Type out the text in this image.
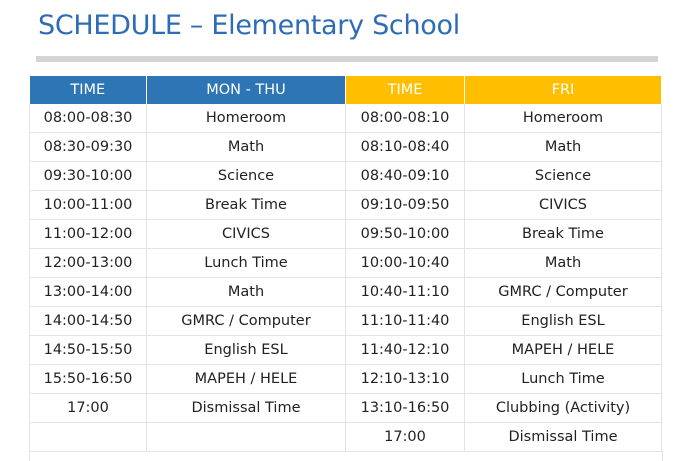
SCHEDULE – Elementary School
TIME	MON - THU	TIME	FRI
08:00-08:30	Homeroom	08:00-08:10	Homeroom
08:30-09:30	Math	08:10-08:40	Math
09:30-10:00	Science	08:40-09:10	Science
10:00-11:00	Break Time	09:10-09:50	CIVICS
11:00-12:00	CIVICS	09:50-10:00	Break Time
12:00-13:00	Lunch Time	10:00-10:40	Math
13:00-14:00	Math	10:40-11:10	GMRC / Computer
14:00-14:50	GMRC / Computer	11:10-11:40	English ESL
14:50-15:50	English ESL	11:40-12:10	MAPEH / HELE
15:50-16:50	MAPEH / HELE	12:10-13:10	Lunch Time
17:00	Dismissal Time	13:10-16:50	Clubbing (Activity)
		17:00	Dismissal Time
